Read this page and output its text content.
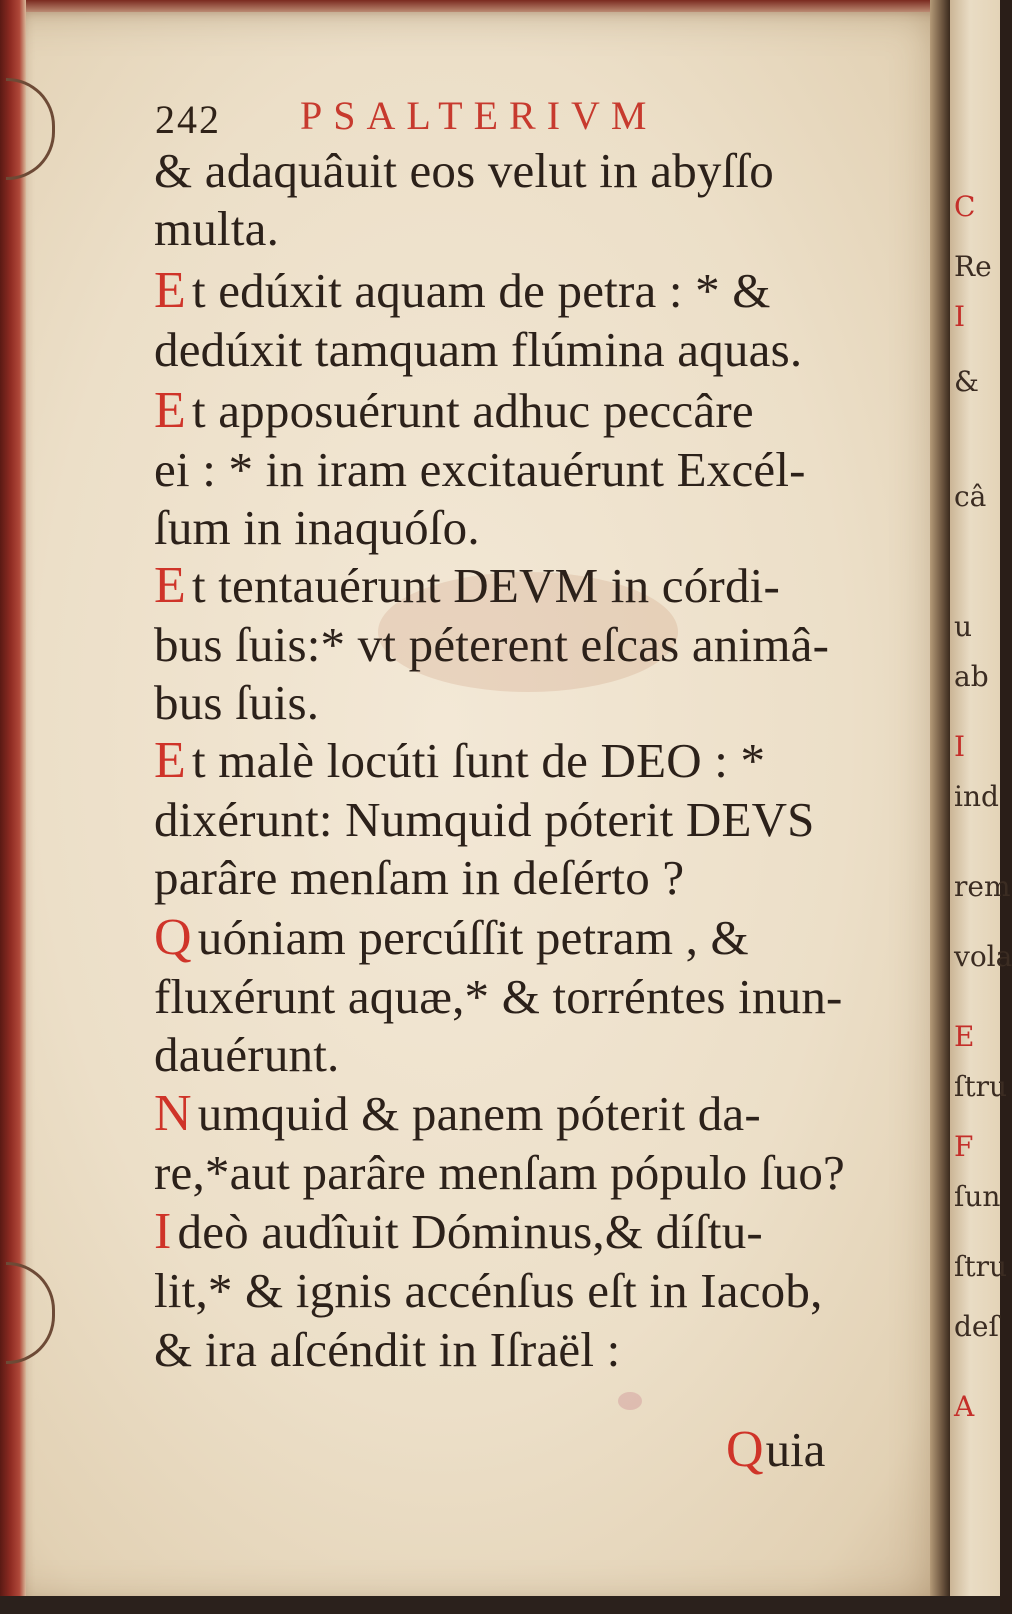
C
Re
I
&
câ
u
ab
I
ind
rem
vola
E
ſtru
F
ſun
ſtru
deſ
A
242 PSALTERIVM
& adaquâuit eos velut in abyſſo
multa.
E t edúxit aquam de petra : * &
dedúxit tamquam flúmina aquas.
E t apposuérunt adhuc peccâre
ei : * in iram excitauérunt Excél-
ſum in inaquóſo.
E t tentauérunt DEVM in córdi-
bus ſuis:* vt péterent eſcas animâ-
bus ſuis.
E t malè locúti ſunt de DEO : *
dixérunt: Numquid póterit DEVS
parâre menſam in deſérto ?
Q uóniam percúſſit petram , &
fluxérunt aquæ,* & torréntes inun-
dauérunt.
N umquid & panem póterit da-
re,*aut parâre menſam pópulo ſuo?
I deò audîuit Dóminus,& díſtu-
lit,* & ignis accénſus eſt in Iacob,
& ira aſcéndit in Iſraël :
Quia
